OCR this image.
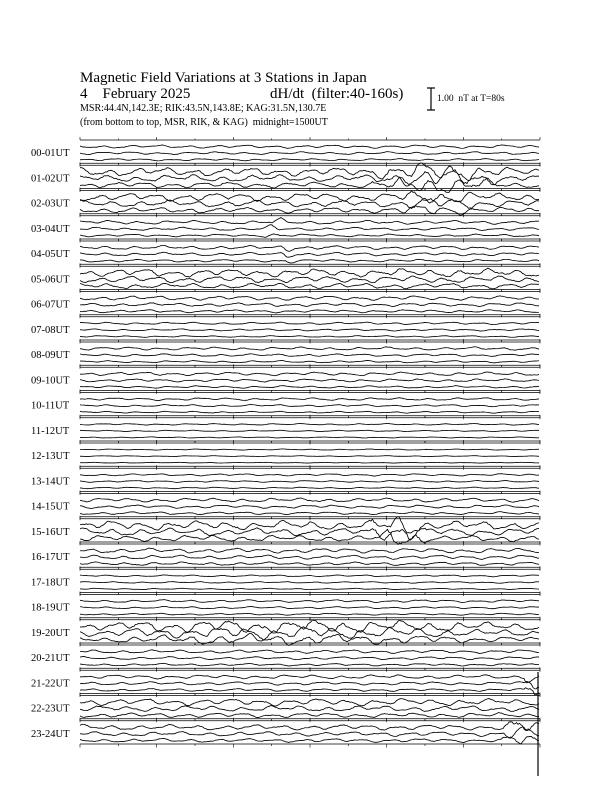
Magnetic Field Variations at 3 Stations in Japan
4    February 2025	dH/dt  (filter:40-160s)
MSR:44.4N,142.3E; RIK:43.5N,143.8E; KAG:31.5N,130.7E
(from bottom to top, MSR, RIK, & KAG) midnight=1500UT
1.00  nT at T=80s
00-01UT
01-02UT
02-03UT
03-04UT
04-05UT
05-06UT
06-07UT
07-08UT
08-09UT
09-10UT
10-11UT
11-12UT
12-13UT
13-14UT
14-15UT
15-16UT
16-17UT
17-18UT
18-19UT
19-20UT
20-21UT
21-22UT
22-23UT
23-24UT
